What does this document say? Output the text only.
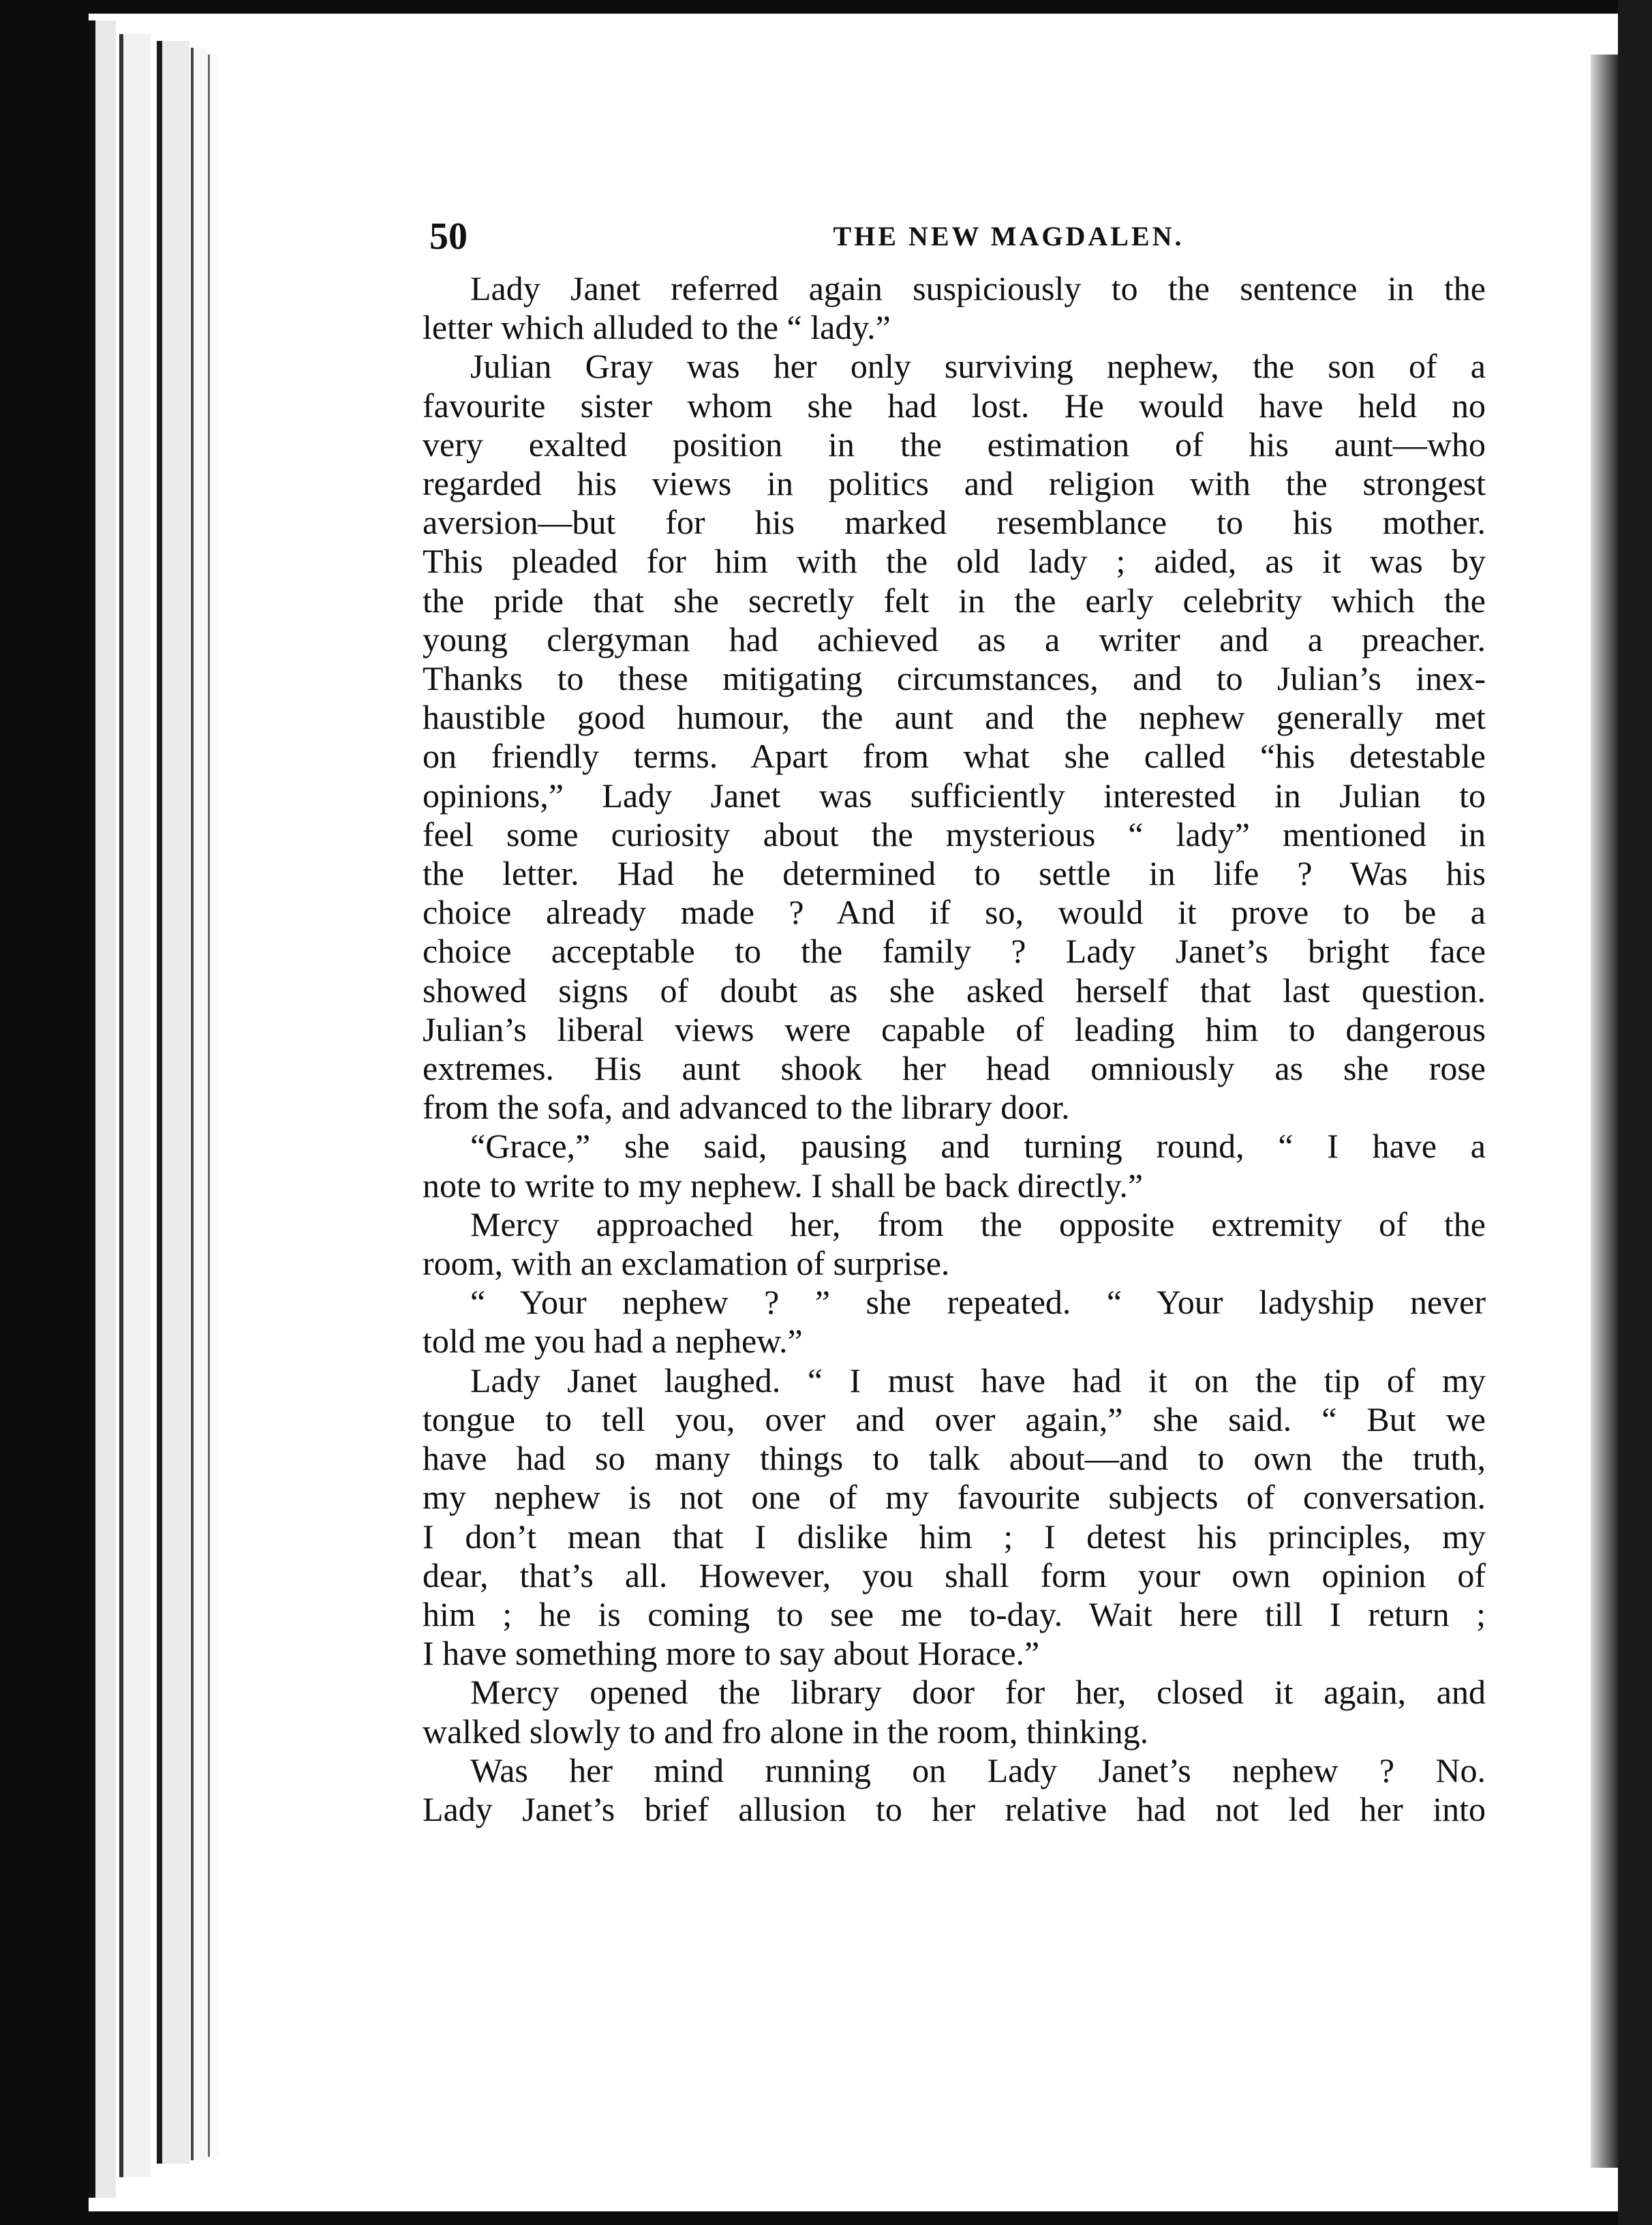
50	THE NEW MAGDALEN.
Lady Janet referred again suspiciously to the sentence in the
letter which alluded to the “ lady.”
Julian Gray was her only surviving nephew, the son of a
favourite sister whom she had lost. He would have held no
very exalted position in the estimation of his aunt—who
regarded his views in politics and religion with the strongest
aversion—but for his marked resemblance to his mother.
This pleaded for him with the old lady ; aided, as it was by
the pride that she secretly felt in the early celebrity which the
young clergyman had achieved as a writer and a preacher.
Thanks to these mitigating circumstances, and to Julian’s inex-
haustible good humour, the aunt and the nephew generally met
on friendly terms. Apart from what she called “his detestable
opinions,” Lady Janet was sufficiently interested in Julian to
feel some curiosity about the mysterious “ lady” mentioned in
the letter. Had he determined to settle in life ? Was his
choice already made ? And if so, would it prove to be a
choice acceptable to the family ? Lady Janet’s bright face
showed signs of doubt as she asked herself that last question.
Julian’s liberal views were capable of leading him to dangerous
extremes. His aunt shook her head omniously as she rose
from the sofa, and advanced to the library door.
“Grace,” she said, pausing and turning round, “ I have a
note to write to my nephew. I shall be back directly.”
Mercy approached her, from the opposite extremity of the
room, with an exclamation of surprise.
“ Your nephew ? ” she repeated. “ Your ladyship never
told me you had a nephew.”
Lady Janet laughed. “ I must have had it on the tip of my
tongue to tell you, over and over again,” she said. “ But we
have had so many things to talk about—and to own the truth,
my nephew is not one of my favourite subjects of conversation.
I don’t mean that I dislike him ; I detest his principles, my
dear, that’s all. However, you shall form your own opinion of
him ; he is coming to see me to-day. Wait here till I return ;
I have something more to say about Horace.”
Mercy opened the library door for her, closed it again, and
walked slowly to and fro alone in the room, thinking.
Was her mind running on Lady Janet’s nephew ? No.
Lady Janet’s brief allusion to her relative had not led her into
